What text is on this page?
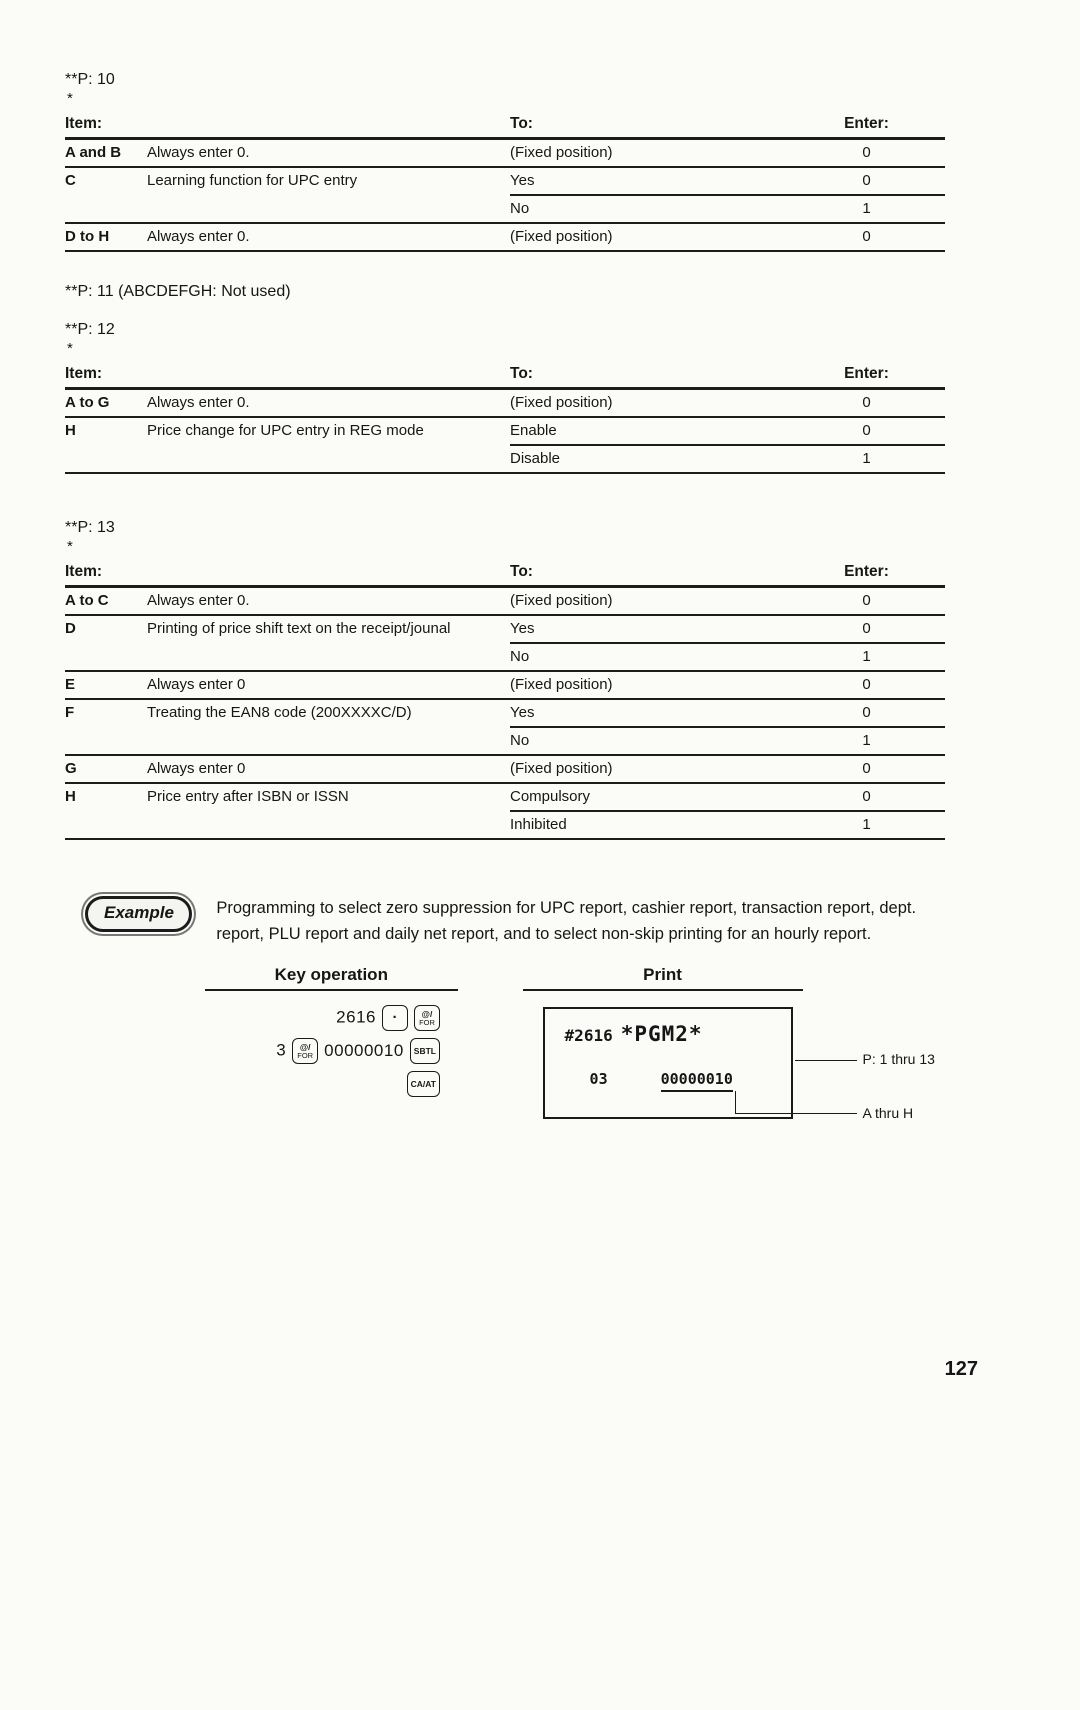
**P: 10
*
Item:	To:	Enter:
A and B	Always enter 0.	(Fixed position)	0
C	Learning function for UPC entry	Yes	0
No	1
D to H	Always enter 0.	(Fixed position)	0
**P: 11 (ABCDEFGH: Not used)
**P: 12
*
Item:	To:	Enter:
A to G	Always enter 0.	(Fixed position)	0
H	Price change for UPC entry in REG mode	Enable	0
Disable	1
**P: 13
*
Item:	To:	Enter:
A to C	Always enter 0.	(Fixed position)	0
D	Printing of price shift text on the receipt/jounal	Yes	0
No	1
E	Always enter 0	(Fixed position)	0
F	Treating the EAN8 code (200XXXXC/D)	Yes	0
No	1
G	Always enter 0	(Fixed position)	0
H	Price entry after ISBN or ISSN	Compulsory	0
Inhibited	1
Example	Programming to select zero suppression for UPC report, cashier report, transaction report, dept. report, PLU report and daily net report, and to select non-skip printing for an hourly report.
Key operation
2616 ·	@/
FOR
3 @/
FOR 00000010 SBTL
CA/AT
Print
#2616 *PGM2*
03	00000010
P: 1 thru 13
A thru H
127
